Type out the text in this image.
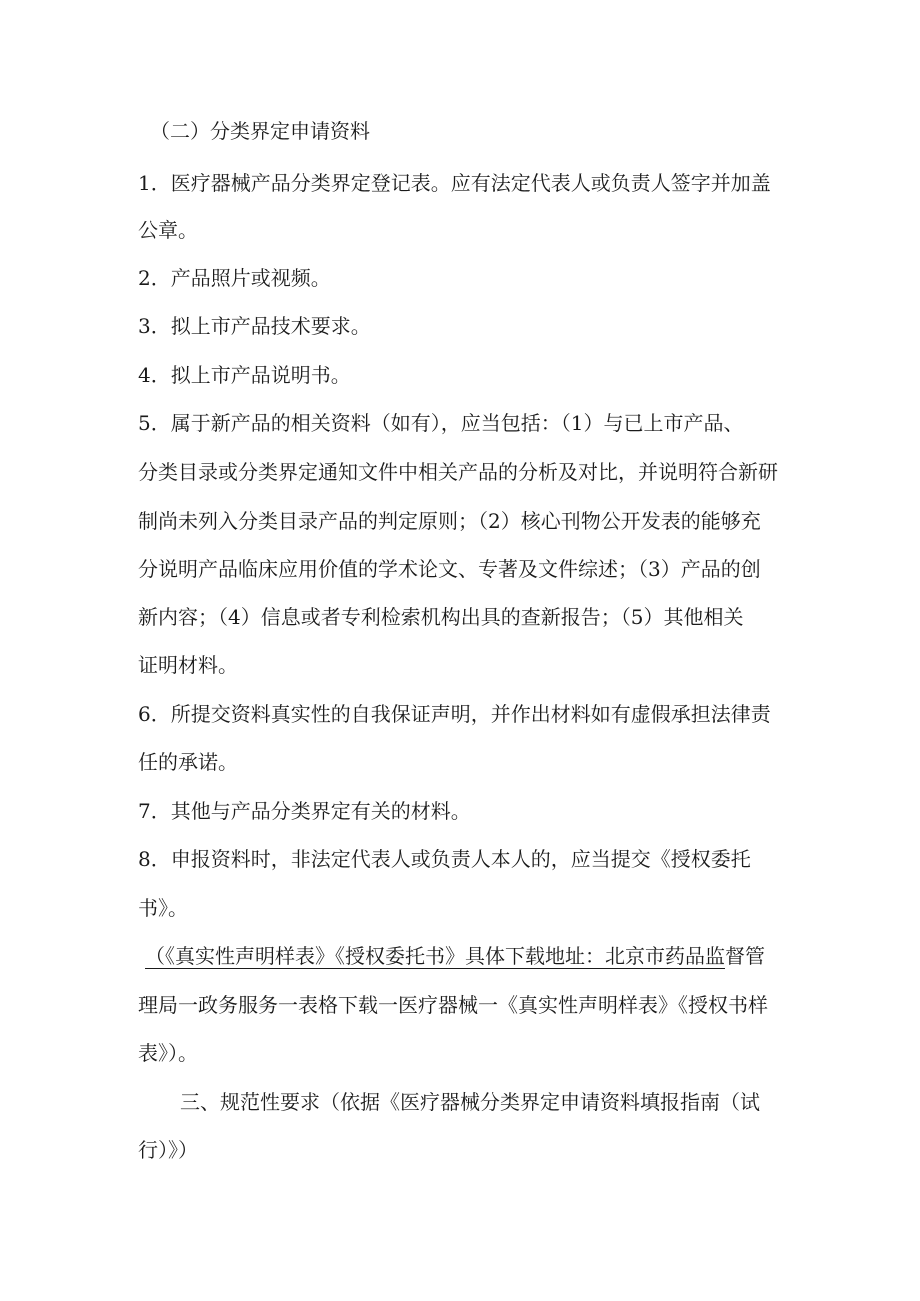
（二）分类界定申请资料
1．医疗器械产品分类界定登记表。应有法定代表人或负责人签字并加盖
公章。
2．产品照片或视频。
3．拟上市产品技术要求。
4．拟上市产品说明书。
5．属于新产品的相关资料（如有），应当包括：（1）与已上市产品、
分类目录或分类界定通知文件中相关产品的分析及对比，并说明符合新研
制尚未列入分类目录产品的判定原则；（2）核心刊物公开发表的能够充
分说明产品临床应用价值的学术论文、专著及文件综述；（3）产品的创
新内容；（4）信息或者专利检索机构出具的查新报告；（5）其他相关
证明材料。
6．所提交资料真实性的自我保证声明，并作出材料如有虚假承担法律责
任的承诺。
7．其他与产品分类界定有关的材料。
8．申报资料时，非法定代表人或负责人本人的，应当提交《授权委托
书》。
（《真实性声明样表》《授权委托书》具体下载地址：北京市药品监督管
理局一政务服务一表格下载一医疗器械一《真实性声明样表》《授权书样
表》）。
三、规范性要求（依据《医疗器械分类界定申请资料填报指南（试
行）》）
